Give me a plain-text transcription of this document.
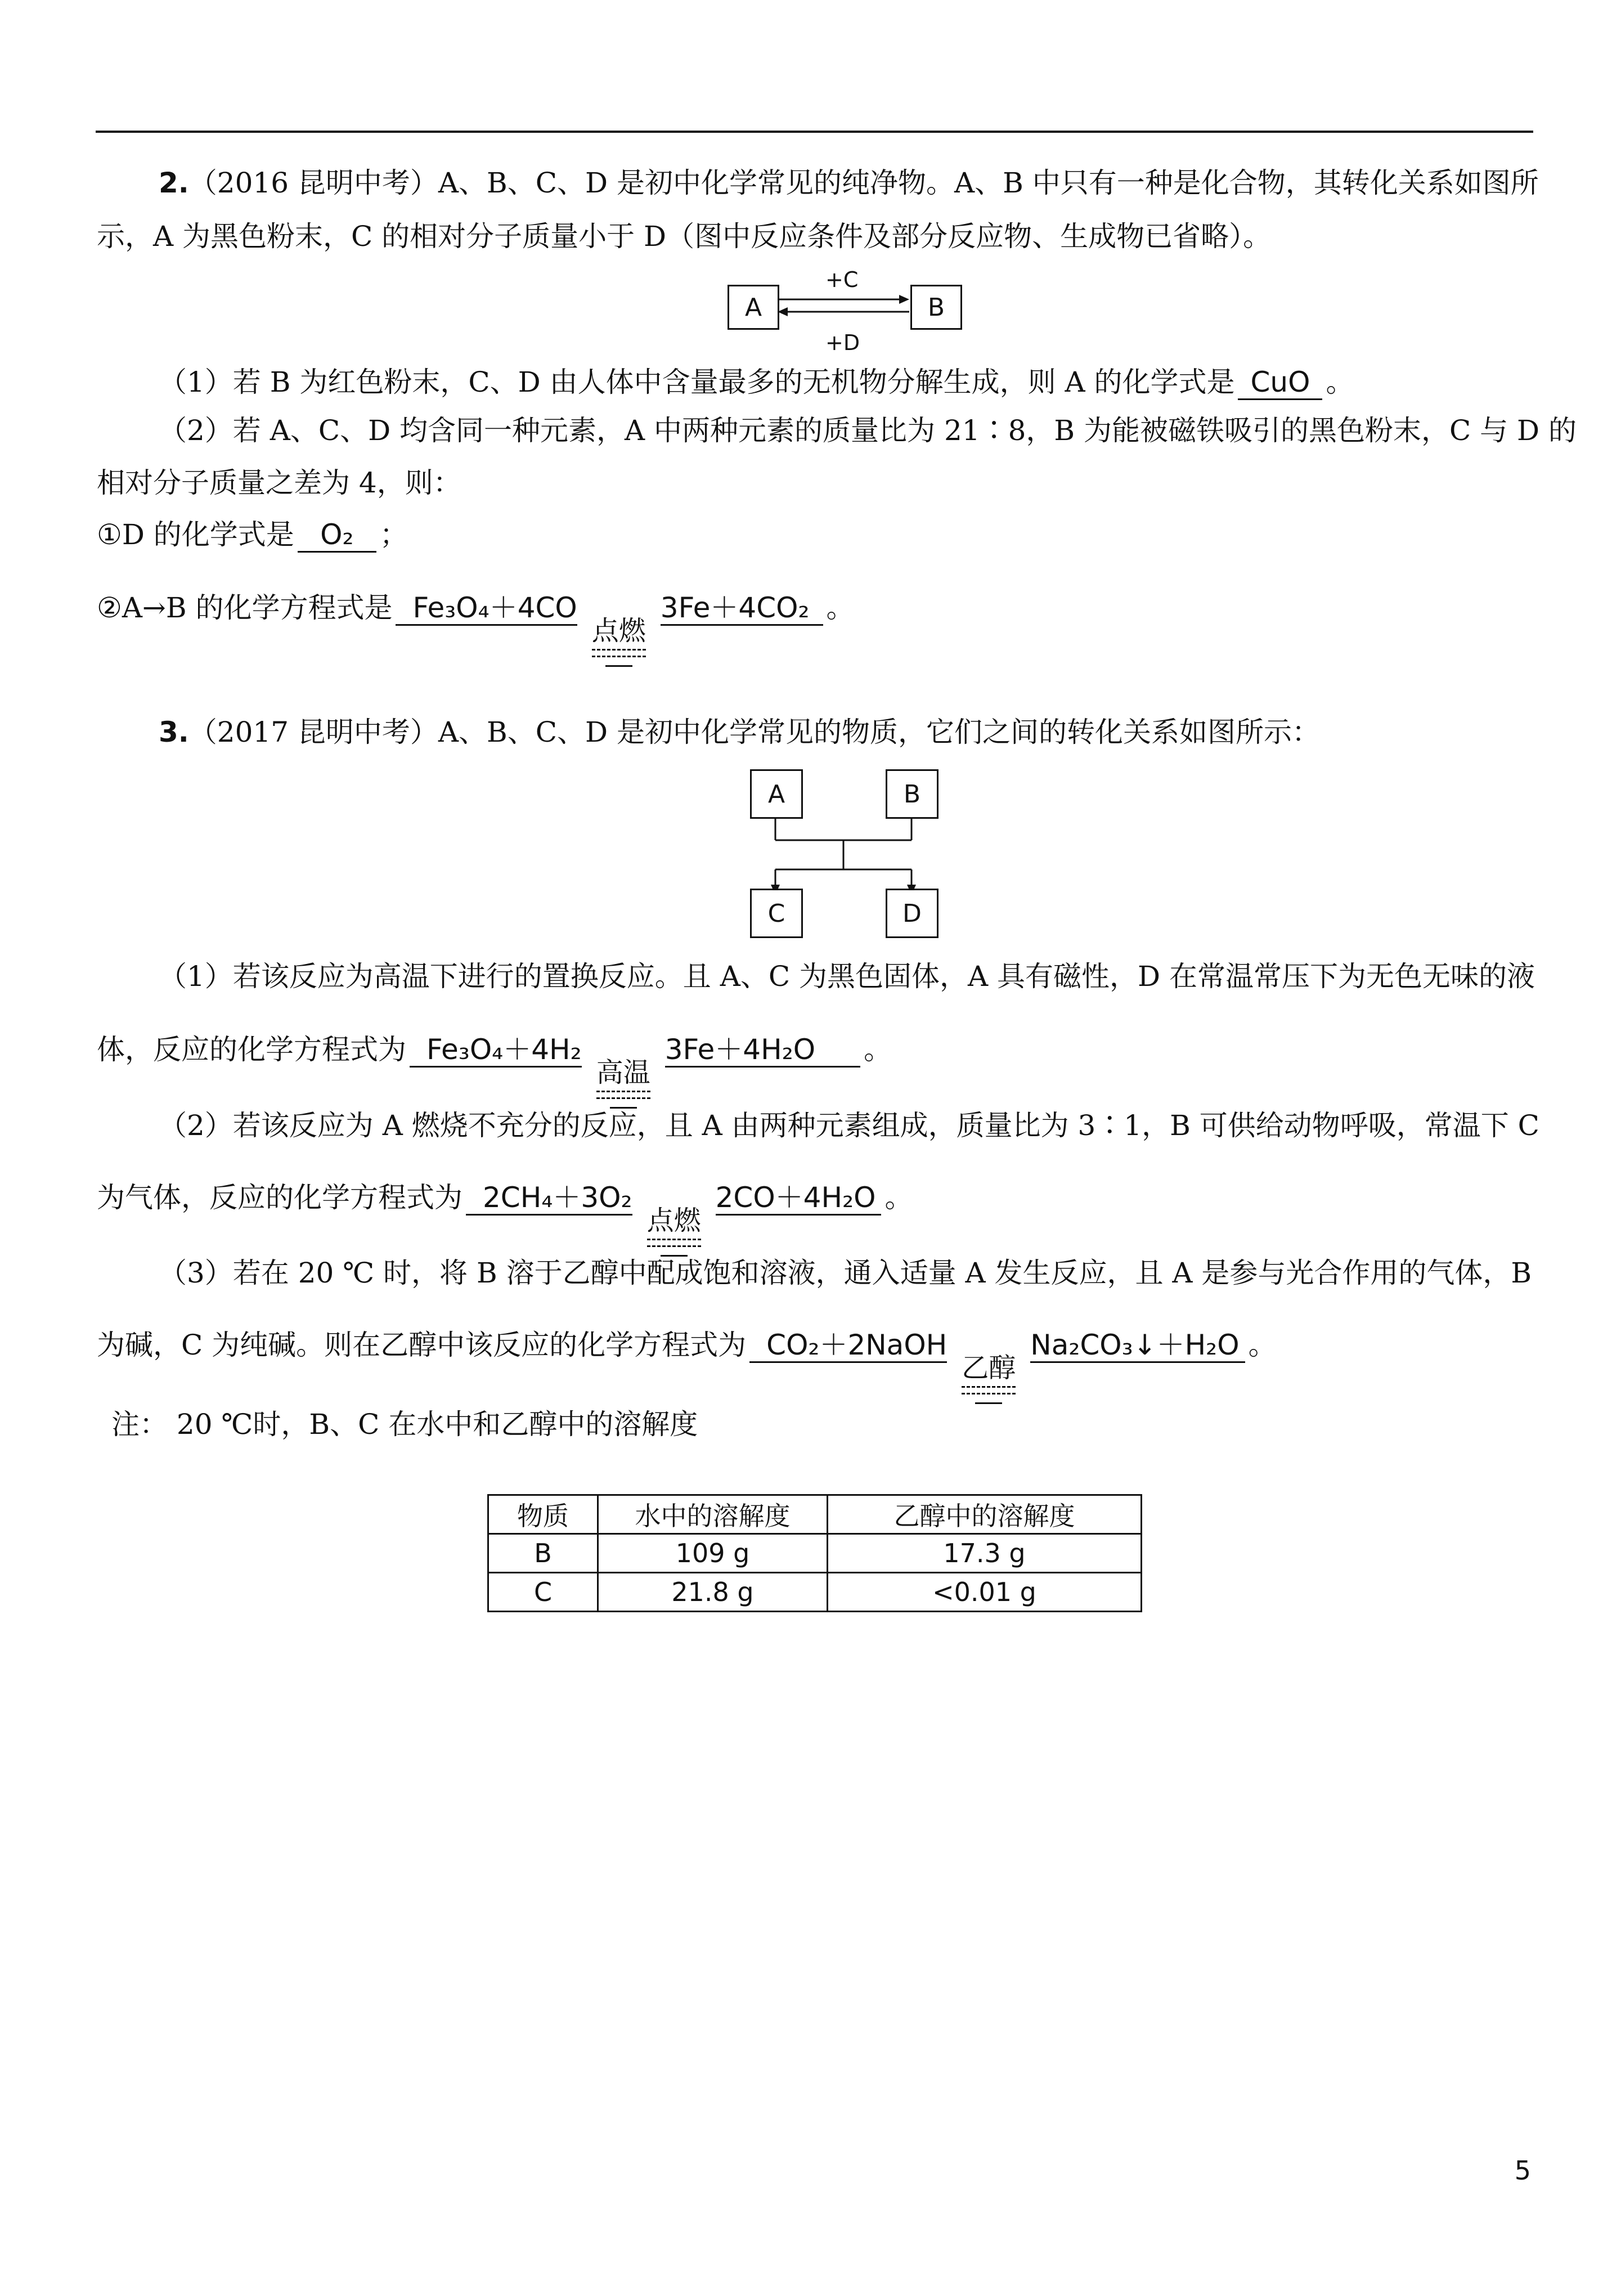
2.（2016 昆明中考）A、B、C、D 是初中化学常见的纯净物。A、B 中只有一种是化合物，其转化关系如图所
示，A 为黑色粉末，C 的相对分子质量小于 D（图中反应条件及部分反应物、生成物已省略）。
A	B
+C
+D
（1）若 B 为红色粉末，C、D 由人体中含量最多的无机物分解生成，则 A 的化学式是 CuO 。
（2）若 A、C、D 均含同一种元素，A 中两种元素的质量比为 21∶8，B 为能被磁铁吸引的黑色粉末，C 与 D 的
相对分子质量之差为 4，则：
①D 的化学式是 O₂ ；
②A→B 的化学方程式是 Fe₃O₄＋4CO
点燃
3Fe＋4CO₂ 。
3.（2017 昆明中考）A、B、C、D 是初中化学常见的物质，它们之间的转化关系如图所示：
A	B
C	D
（1）若该反应为高温下进行的置换反应。且 A、C 为黑色固体，A 具有磁性，D 在常温常压下为无色无味的液
体，反应的化学方程式为 Fe₃O₄＋4H₂
高温
3Fe＋4H₂O 。
（2）若该反应为 A 燃烧不充分的反应，且 A 由两种元素组成，质量比为 3∶1，B 可供给动物呼吸，常温下 C
为气体，反应的化学方程式为 2CH₄＋3O₂
点燃
2CO＋4H₂O 。
（3）若在 20 ℃ 时，将 B 溶于乙醇中配成饱和溶液，通入适量 A 发生反应，且 A 是参与光合作用的气体，B
为碱，C 为纯碱。则在乙醇中该反应的化学方程式为 CO₂＋2NaOH
乙醇
Na₂CO₃↓＋H₂O 。
注： 20 ℃时，B、C 在水中和乙醇中的溶解度
物质	水中的溶解度	乙醇中的溶解度
B	109 g	17.3 g
C	21.8 g	<0.01 g
5
